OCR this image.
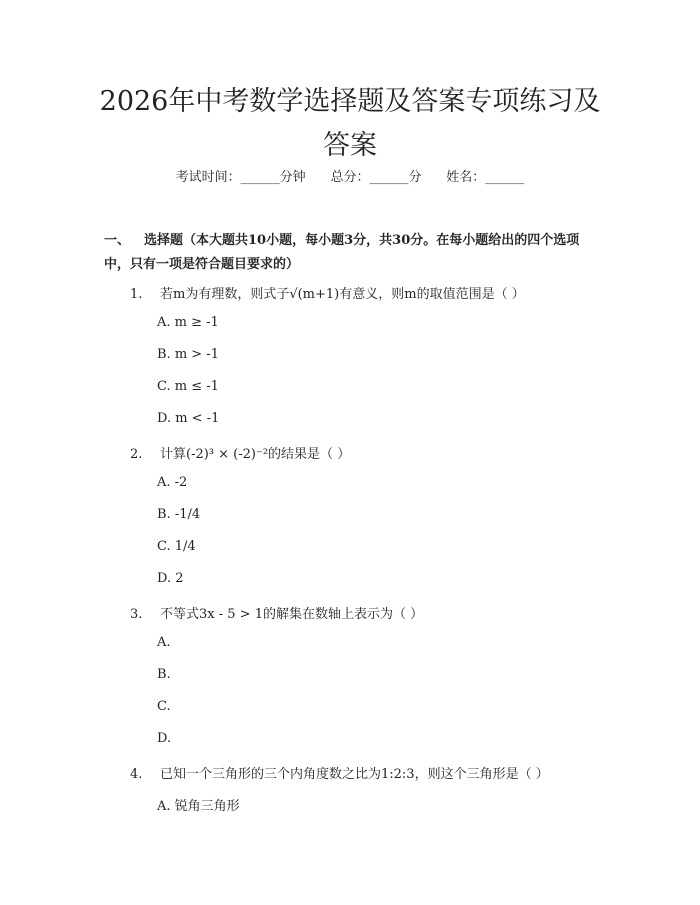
2026年中考数学选择题及答案专项练习及答案
考试时间：______分钟 总分：______分 姓名：______
一、 选择题（本大题共10小题，每小题3分，共30分。在每小题给出的四个选项中，只有一项是符合题目要求的）
1. 若m为有理数，则式子√(m+1)有意义，则m的取值范围是（ ）
A. m ≥ -1
B. m > -1
C. m ≤ -1
D. m < -1
2. 计算(-2)³ × (-2)⁻²的结果是（ ）
A. -2
B. -1/4
C. 1/4
D. 2
3. 不等式3x - 5 > 1的解集在数轴上表示为（ ）
A.
B.
C.
D.
4. 已知一个三角形的三个内角度数之比为1:2:3，则这个三角形是（ ）
A. 锐角三角形
